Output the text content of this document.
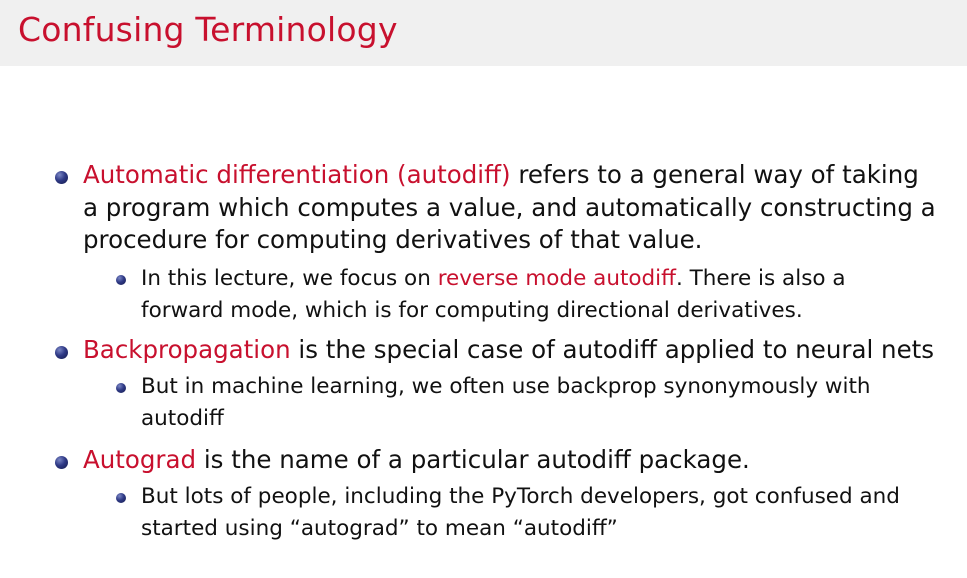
Confusing Terminology
Automatic differentiation (autodiff) refers to a general way of taking
a program which computes a value, and automatically constructing a
procedure for computing derivatives of that value.
In this lecture, we focus on reverse mode autodiff. There is also a
forward mode, which is for computing directional derivatives.
Backpropagation is the special case of autodiff applied to neural nets
But in machine learning, we often use backprop synonymously with
autodiff
Autograd is the name of a particular autodiff package.
But lots of people, including the PyTorch developers, got confused and
started using “autograd” to mean “autodiff”
